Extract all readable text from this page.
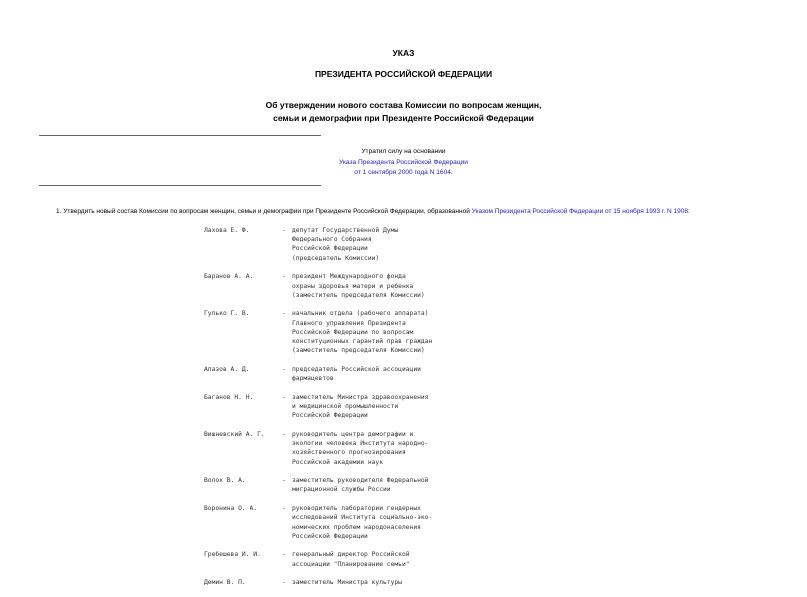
УКАЗ
ПРЕЗИДЕНТА РОССИЙСКОЙ ФЕДЕРАЦИИ
Об утверждении нового состава Комиссии по вопросам женщин,
семьи и демографии при Президенте Российской Федерации
Утратил силу на основании
Указа Президента Российской Федерации
от 1 сентября 2000 года N 1604.
1. Утвердить новый состав Комиссии по вопросам женщин, семьи и демографии при Президенте Российской Федерации, образованной Указом Президента Российской Федерации от 15 ноября 1993 г. N 1908:
Лахова Е. Ф.	- депутат Государственной Думы
Федерального Собрания
Российской Федерации
(председатель Комиссии)
Баранов А. А.	- президент Международного фонда
охраны здоровья матери и ребенка
(заместитель председателя Комиссии)
Гулько Г. В.	- начальник отдела (рабочего аппарата)
Главного управления Президента
Российской Федерации по вопросам
конституционных гарантий прав граждан
(заместитель председателя Комиссии)
Апазов А. Д.	- председатель Российской ассоциации
фармацевтов
Баганов Н. Н.	- заместитель Министра здравоохранения
и медицинской промышленности
Российской Федерации
Вишневский А. Г.	- руководитель центра демографии и
экологии человека Института народно-
хозяйственного прогнозирования
Российской академии наук
Волох В. А.	- заместитель руководителя Федеральной
миграционной службы России
Воронина О. А.	- руководитель лаборатории гендерных
исследований Института социально-эко-
номических проблем народонаселения
Российской Федерации
Гребешева И. И.	- генеральный директор Российской
ассоциации "Планирование семьи"
Демин В. П.	- заместитель Министра культуры
